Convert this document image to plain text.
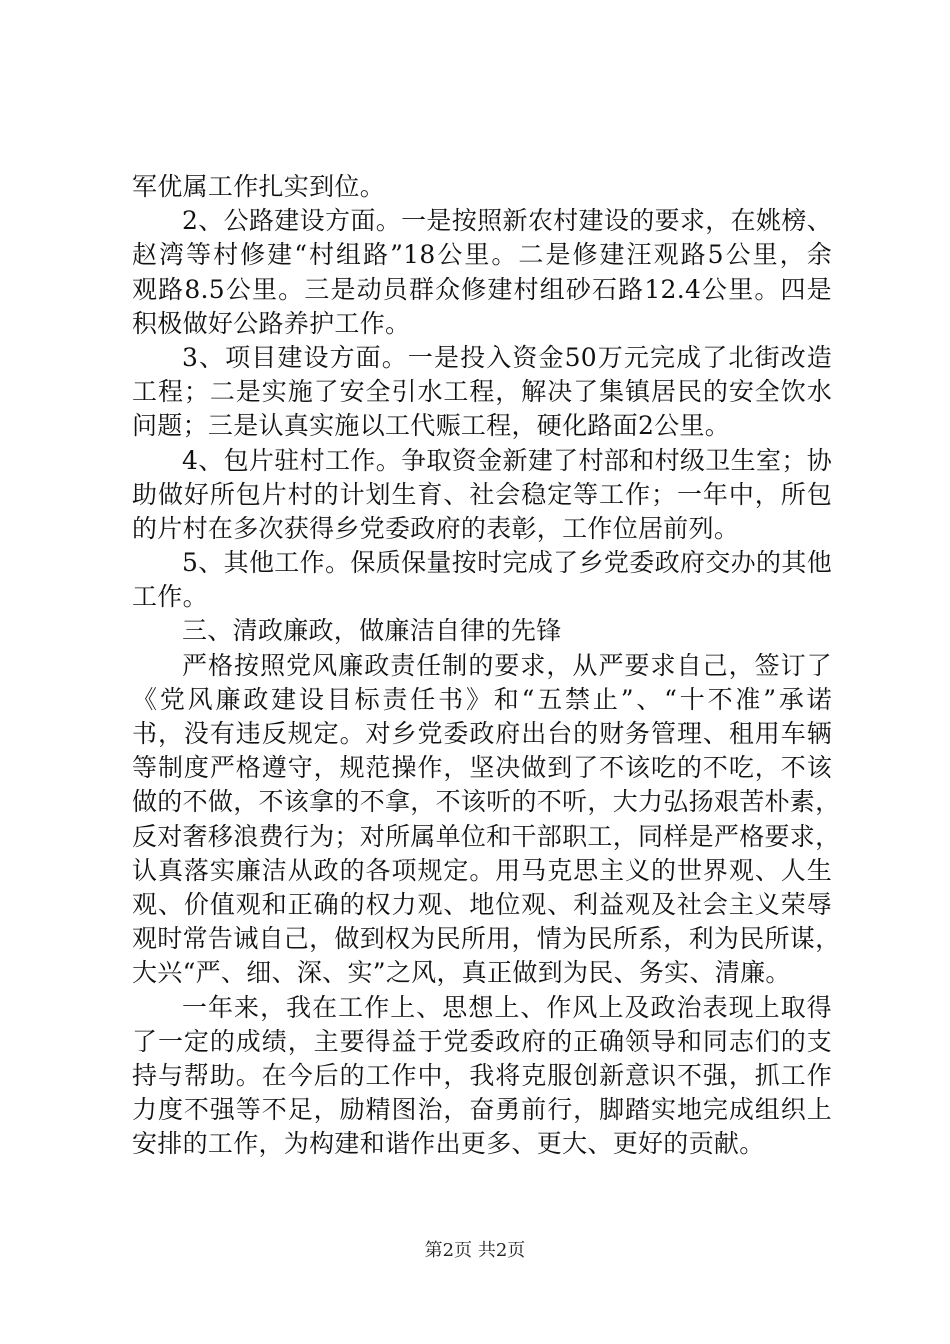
军优属工作扎实到位。
2、公路建设方面。一是按照新农村建设的要求，在姚榜、
赵湾等村修建“村组路”18公里。二是修建汪观路5公里，余
观路8.5公里。三是动员群众修建村组砂石路12.4公里。四是
积极做好公路养护工作。
3、项目建设方面。一是投入资金50万元完成了北街改造
工程；二是实施了安全引水工程，解决了集镇居民的安全饮水
问题；三是认真实施以工代赈工程，硬化路面2公里。
4、包片驻村工作。争取资金新建了村部和村级卫生室；协
助做好所包片村的计划生育、社会稳定等工作；一年中，所包
的片村在多次获得乡党委政府的表彰，工作位居前列。
5、其他工作。保质保量按时完成了乡党委政府交办的其他
工作。
三、清政廉政，做廉洁自律的先锋
严格按照党风廉政责任制的要求，从严要求自己，签订了
《党风廉政建设目标责任书》和“五禁止”、“十不准”承诺
书，没有违反规定。对乡党委政府出台的财务管理、租用车辆
等制度严格遵守，规范操作，坚决做到了不该吃的不吃，不该
做的不做，不该拿的不拿，不该听的不听，大力弘扬艰苦朴素，
反对奢移浪费行为；对所属单位和干部职工，同样是严格要求，
认真落实廉洁从政的各项规定。用马克思主义的世界观、人生
观、价值观和正确的权力观、地位观、利益观及社会主义荣辱
观时常告诫自己，做到权为民所用，情为民所系，利为民所谋，
大兴“严、细、深、实”之风，真正做到为民、务实、清廉。
一年来，我在工作上、思想上、作风上及政治表现上取得
了一定的成绩，主要得益于党委政府的正确领导和同志们的支
持与帮助。在今后的工作中，我将克服创新意识不强，抓工作
力度不强等不足，励精图治，奋勇前行，脚踏实地完成组织上
安排的工作，为构建和谐作出更多、更大、更好的贡献。
第2页 共2页
